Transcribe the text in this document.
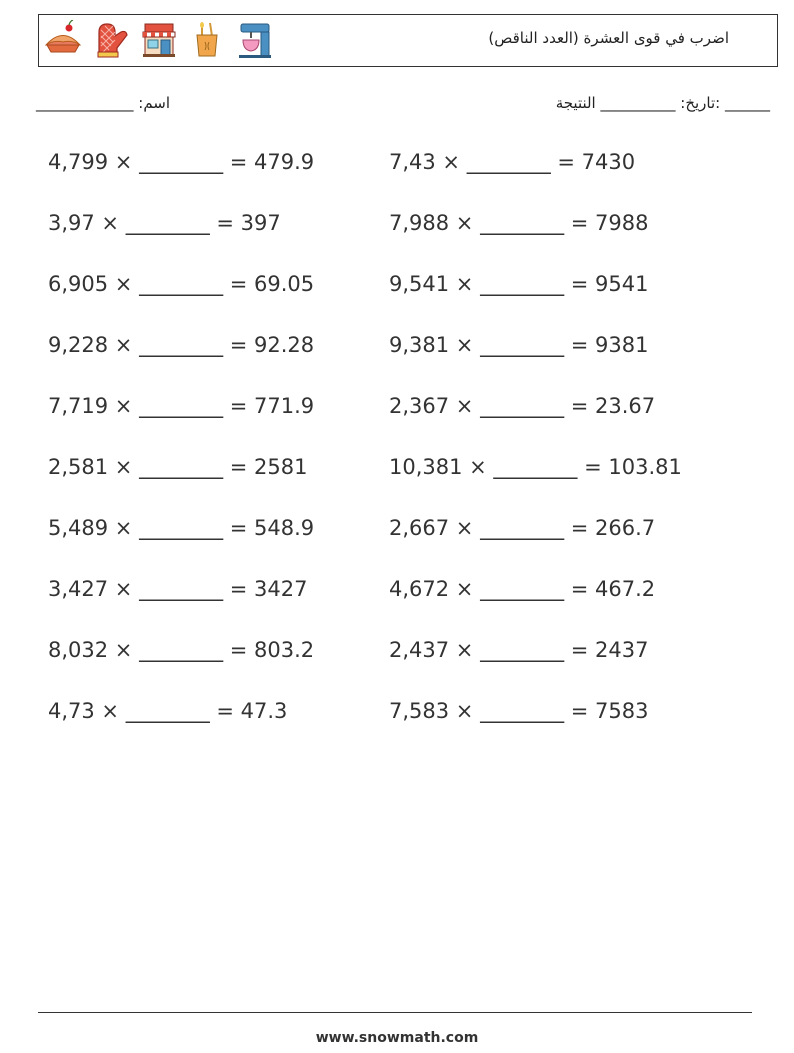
اضرب في قوى العشرة (العدد الناقص)
اسم: _____________	______ :تاريخ: __________ النتيجة
4,799 × ________ = 479.9
3,97 × ________ = 397
6,905 × ________ = 69.05
9,228 × ________ = 92.28
7,719 × ________ = 771.9
2,581 × ________ = 2581
5,489 × ________ = 548.9
3,427 × ________ = 3427
8,032 × ________ = 803.2
4,73 × ________ = 47.3
7,43 × ________ = 7430
7,988 × ________ = 7988
9,541 × ________ = 9541
9,381 × ________ = 9381
2,367 × ________ = 23.67
10,381 × ________ = 103.81
2,667 × ________ = 266.7
4,672 × ________ = 467.2
2,437 × ________ = 2437
7,583 × ________ = 7583
www.snowmath.com
